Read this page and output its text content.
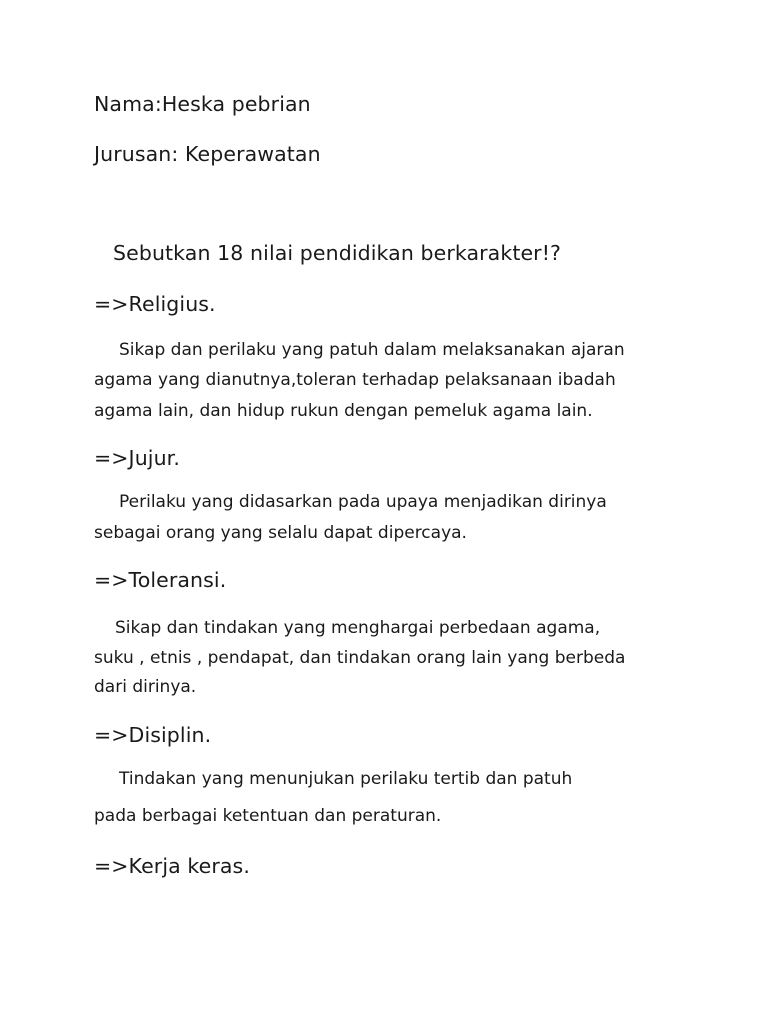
Nama:Heska pebrian

Jurusan: Keperawatan

Sebutkan 18 nilai pendidikan berkarakter!?

=>Religius.

Sikap dan perilaku yang patuh dalam melaksanakan ajaran

agama yang dianutnya,toleran terhadap pelaksanaan ibadah

agama lain, dan hidup rukun dengan pemeluk agama lain.

=>Jujur.

Perilaku yang didasarkan pada upaya menjadikan dirinya

sebagai orang yang selalu dapat dipercaya.

=>Toleransi.

Sikap dan tindakan yang menghargai perbedaan agama,

suku , etnis , pendapat, dan tindakan orang lain yang berbeda

dari dirinya.

=>Disiplin.

Tindakan yang menunjukan perilaku tertib dan patuh

pada berbagai ketentuan dan peraturan.

=>Kerja keras.
